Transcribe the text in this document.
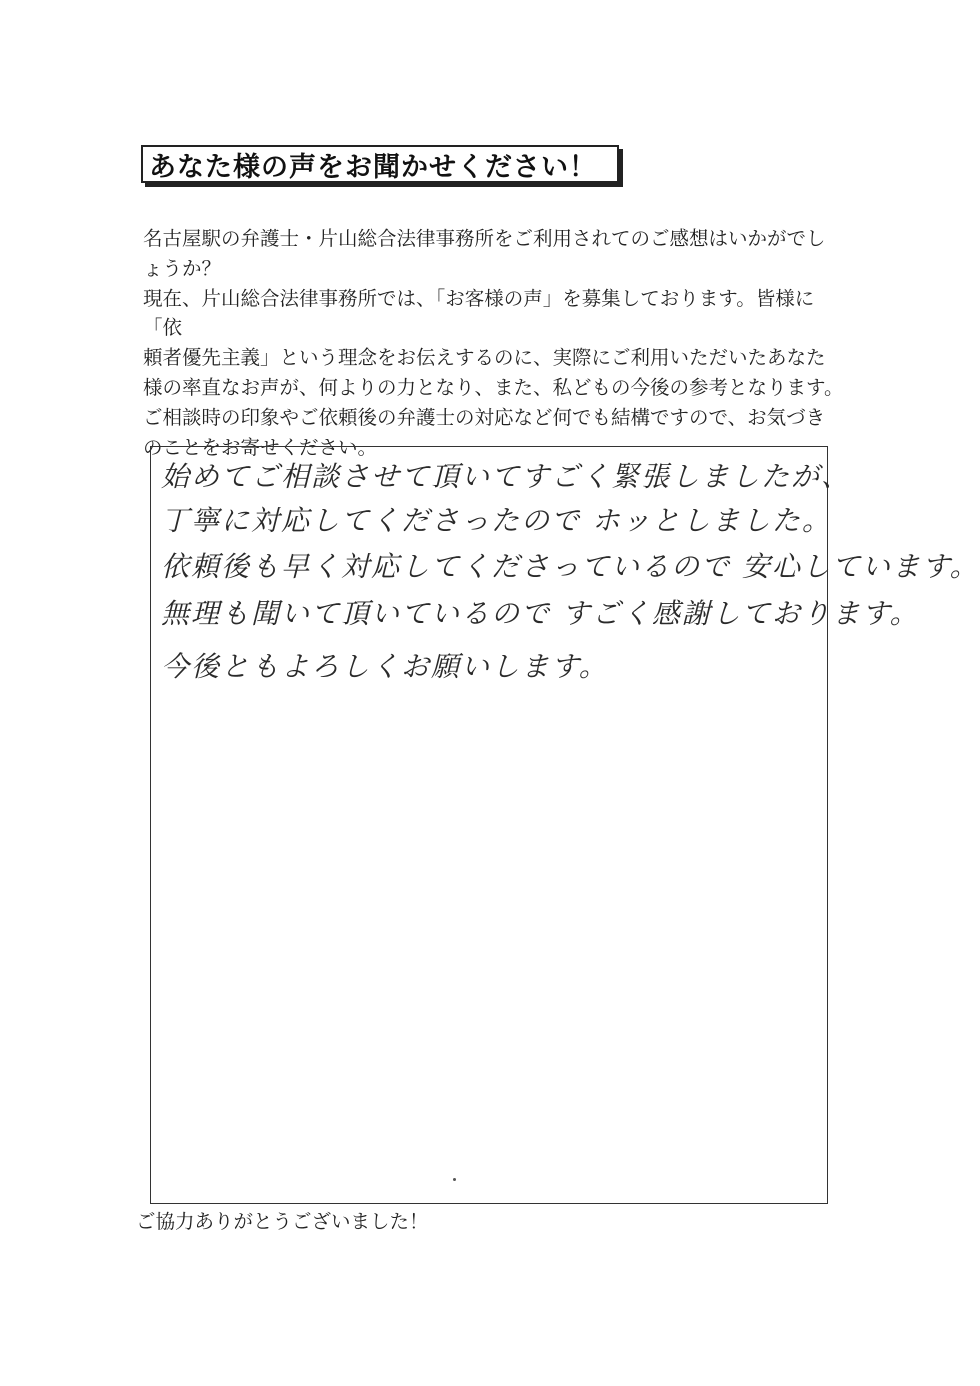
あなた様の声をお聞かせください！

名古屋駅の弁護士・片山総合法律事務所をご利用されてのご感想はいかがでし

ょうか？

現在、片山総合法律事務所では、「お客様の声」を募集しております。皆様に「依

頼者優先主義」という理念をお伝えするのに、実際にご利用いただいたあなた

様の率直なお声が、何よりの力となり、また、私どもの今後の参考となります。

ご相談時の印象やご依頼後の弁護士の対応など何でも結構ですので、お気づき

のことをお寄せください。

始めてご相談させて頂いてすごく緊張しましたが、
丁寧に対応してくださったので ホッとしました。
依頼後も早く対応してくださっているので 安心しています。
無理も聞いて頂いているので すごく感謝しております。
今後ともよろしくお願いします。
ご協力ありがとうございました！
